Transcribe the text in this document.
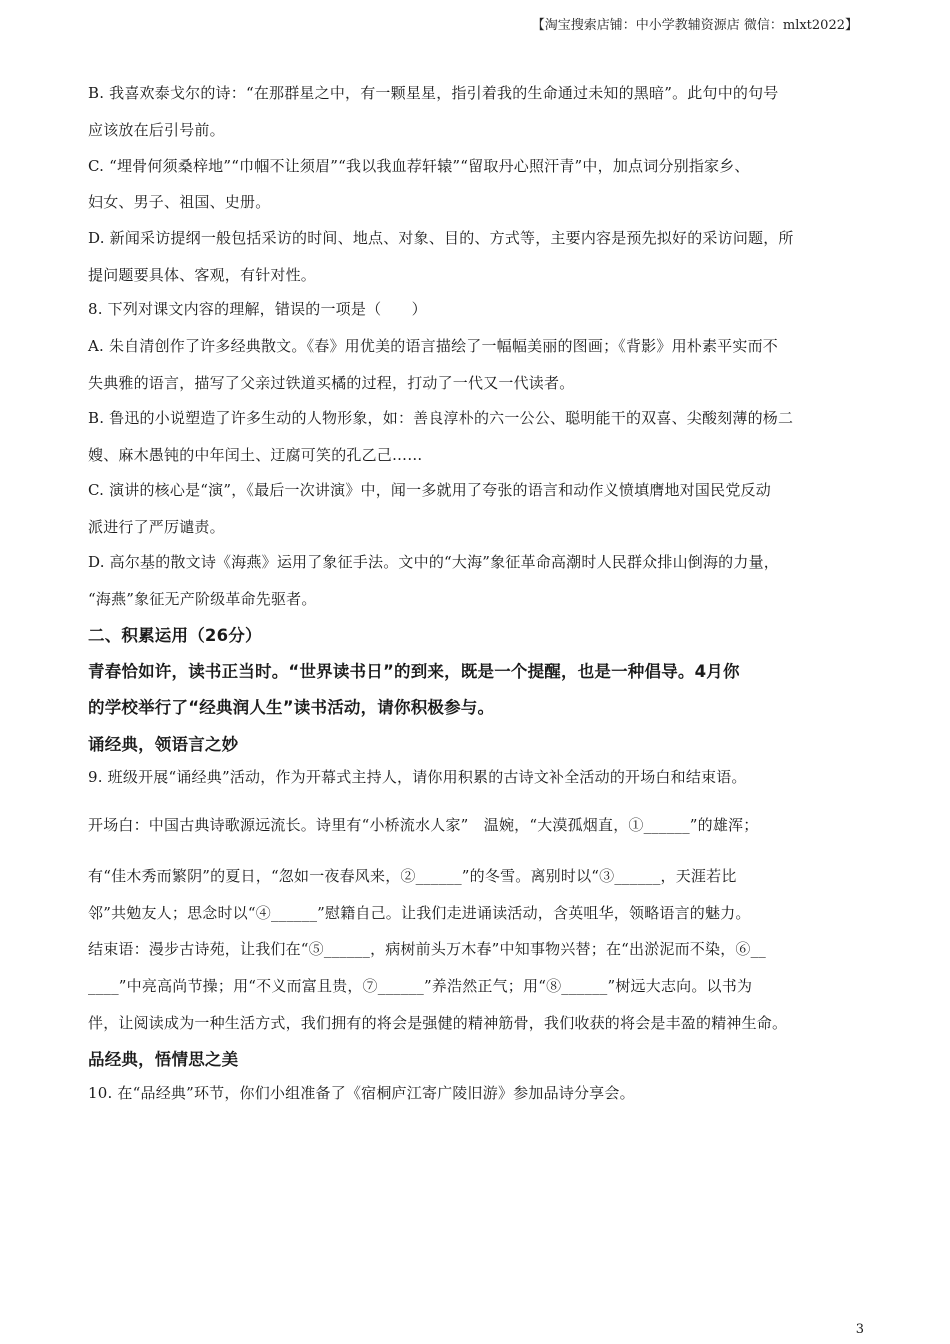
【淘宝搜索店铺：中小学教辅资源店 微信：mlxt2022】
B. 我喜欢泰戈尔的诗：“在那群星之中，有一颗星星，指引着我的生命通过未知的黑暗”。此句中的句号
应该放在后引号前。
C. “埋骨何须桑梓地”“巾帼不让须眉”“我以我血荐轩辕”“留取丹心照汗青”中，加点词分别指家乡、
妇女、男子、祖国、史册。
D. 新闻采访提纲一般包括采访的时间、地点、对象、目的、方式等，主要内容是预先拟好的采访问题，所
提问题要具体、客观，有针对性。
8. 下列对课文内容的理解，错误的一项是（　　）
A. 朱自清创作了许多经典散文。《春》用优美的语言描绘了一幅幅美丽的图画；《背影》用朴素平实而不
失典雅的语言，描写了父亲过铁道买橘的过程，打动了一代又一代读者。
B. 鲁迅的小说塑造了许多生动的人物形象，如：善良淳朴的六一公公、聪明能干的双喜、尖酸刻薄的杨二
嫂、麻木愚钝的中年闰土、迂腐可笑的孔乙己……
C. 演讲的核心是“演”，《最后一次讲演》中，闻一多就用了夸张的语言和动作义愤填膺地对国民党反动
派进行了严厉谴责。
D. 高尔基的散文诗《海燕》运用了象征手法。文中的“大海”象征革命高潮时人民群众排山倒海的力量，
“海燕”象征无产阶级革命先驱者。
二、积累运用（26分）
青春恰如许，读书正当时。“世界读书日”的到来，既是一个提醒，也是一种倡导。4月你
的学校举行了“经典润人生”读书活动，请你积极参与。
诵经典，领语言之妙
9. 班级开展“诵经典”活动，作为开幕式主持人，请你用积累的古诗文补全活动的开场白和结束语。
开场白：中国古典诗歌源远流长。诗里有“小桥流水人家”　温婉，“大漠孤烟直，①______”的雄浑；
有“佳木秀而繁阴”的夏日，“忽如一夜春风来，②______”的冬雪。离别时以“③______，天涯若比
邻”共勉友人；思念时以“④______”慰籍自己。让我们走进诵读活动，含英咀华，领略语言的魅力。
结束语：漫步古诗苑，让我们在“⑤______，病树前头万木春”中知事物兴替；在“出淤泥而不染，⑥__
____”中亮高尚节操；用“不义而富且贵，⑦______”养浩然正气；用“⑧______”树远大志向。以书为
伴，让阅读成为一种生活方式，我们拥有的将会是强健的精神筋骨，我们收获的将会是丰盈的精神生命。
品经典，悟情思之美
10. 在“品经典”环节，你们小组准备了《宿桐庐江寄广陵旧游》参加品诗分享会。
3
